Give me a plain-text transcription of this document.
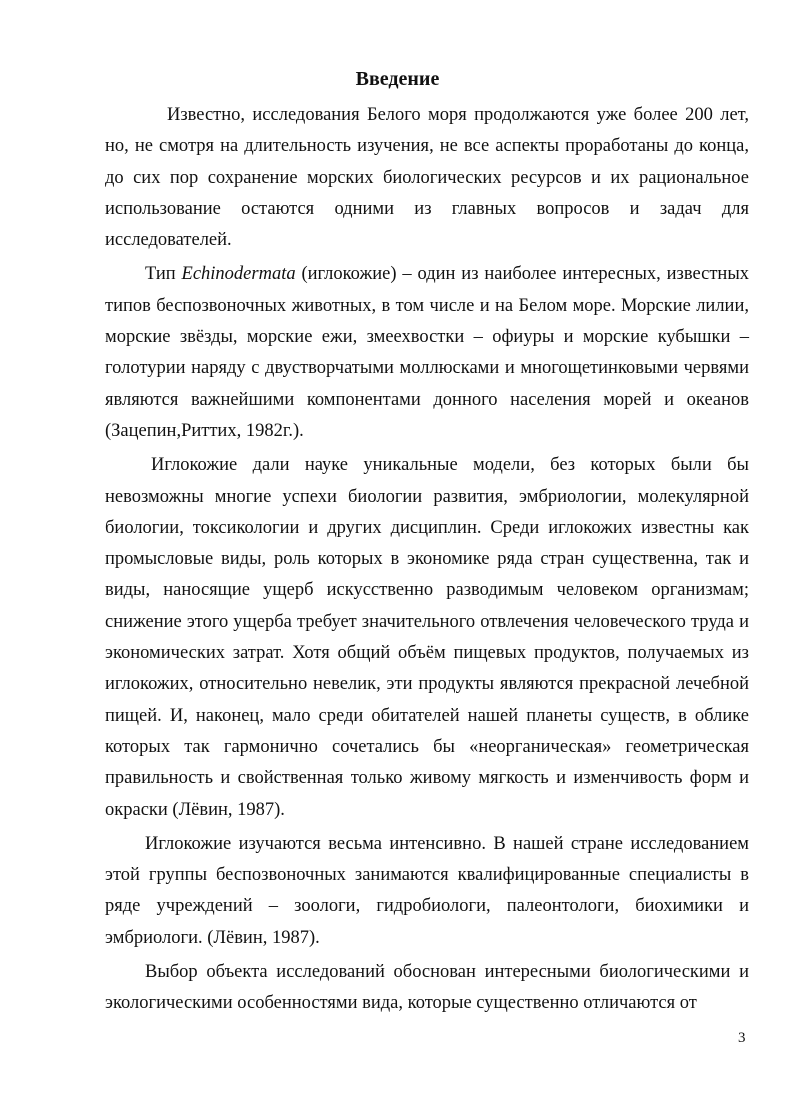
Введение

Известно, исследования Белого моря продолжаются уже более 200 лет, но, не смотря на длительность изучения, не все аспекты проработаны до конца, до сих пор сохранение морских биологических ресурсов и их рациональное использование остаются одними из главных вопросов и задач для исследователей.

Тип Echinodermata (иглокожие) – один из наиболее интересных, известных типов беспозвоночных животных, в том числе и на Белом море. Морские лилии, морские звёзды, морские ежи, змеехвостки – офиуры и морские кубышки – голотурии наряду с двустворчатыми моллюсками и многощетинковыми червями являются важнейшими компонентами донного населения морей и океанов (Зацепин,Риттих, 1982г.).

Иглокожие дали науке уникальные модели, без которых были бы невозможны многие успехи биологии развития, эмбриологии, молекулярной биологии, токсикологии и других дисциплин. Среди иглокожих известны как промысловые виды, роль которых в экономике ряда стран существенна, так и виды, наносящие ущерб искусственно разводимым человеком организмам; снижение этого ущерба требует значительного отвлечения человеческого труда и экономических затрат. Хотя общий объём пищевых продуктов, получаемых из иглокожих, относительно невелик, эти продукты являются прекрасной лечебной пищей. И, наконец, мало среди обитателей нашей планеты существ, в облике которых так гармонично сочетались бы «неорганическая» геометрическая правильность и свойственная только живому мягкость и изменчивость форм и окраски (Лёвин, 1987).

Иглокожие изучаются весьма интенсивно. В нашей стране исследованием этой группы беспозвоночных занимаются квалифицированные специалисты в ряде учреждений – зоологи, гидробиологи, палеонтологи, биохимики и эмбриологи. (Лёвин, 1987).

Выбор объекта исследований обоснован интересными биологическими и экологическими особенностями вида, которые существенно отличаются от

3
